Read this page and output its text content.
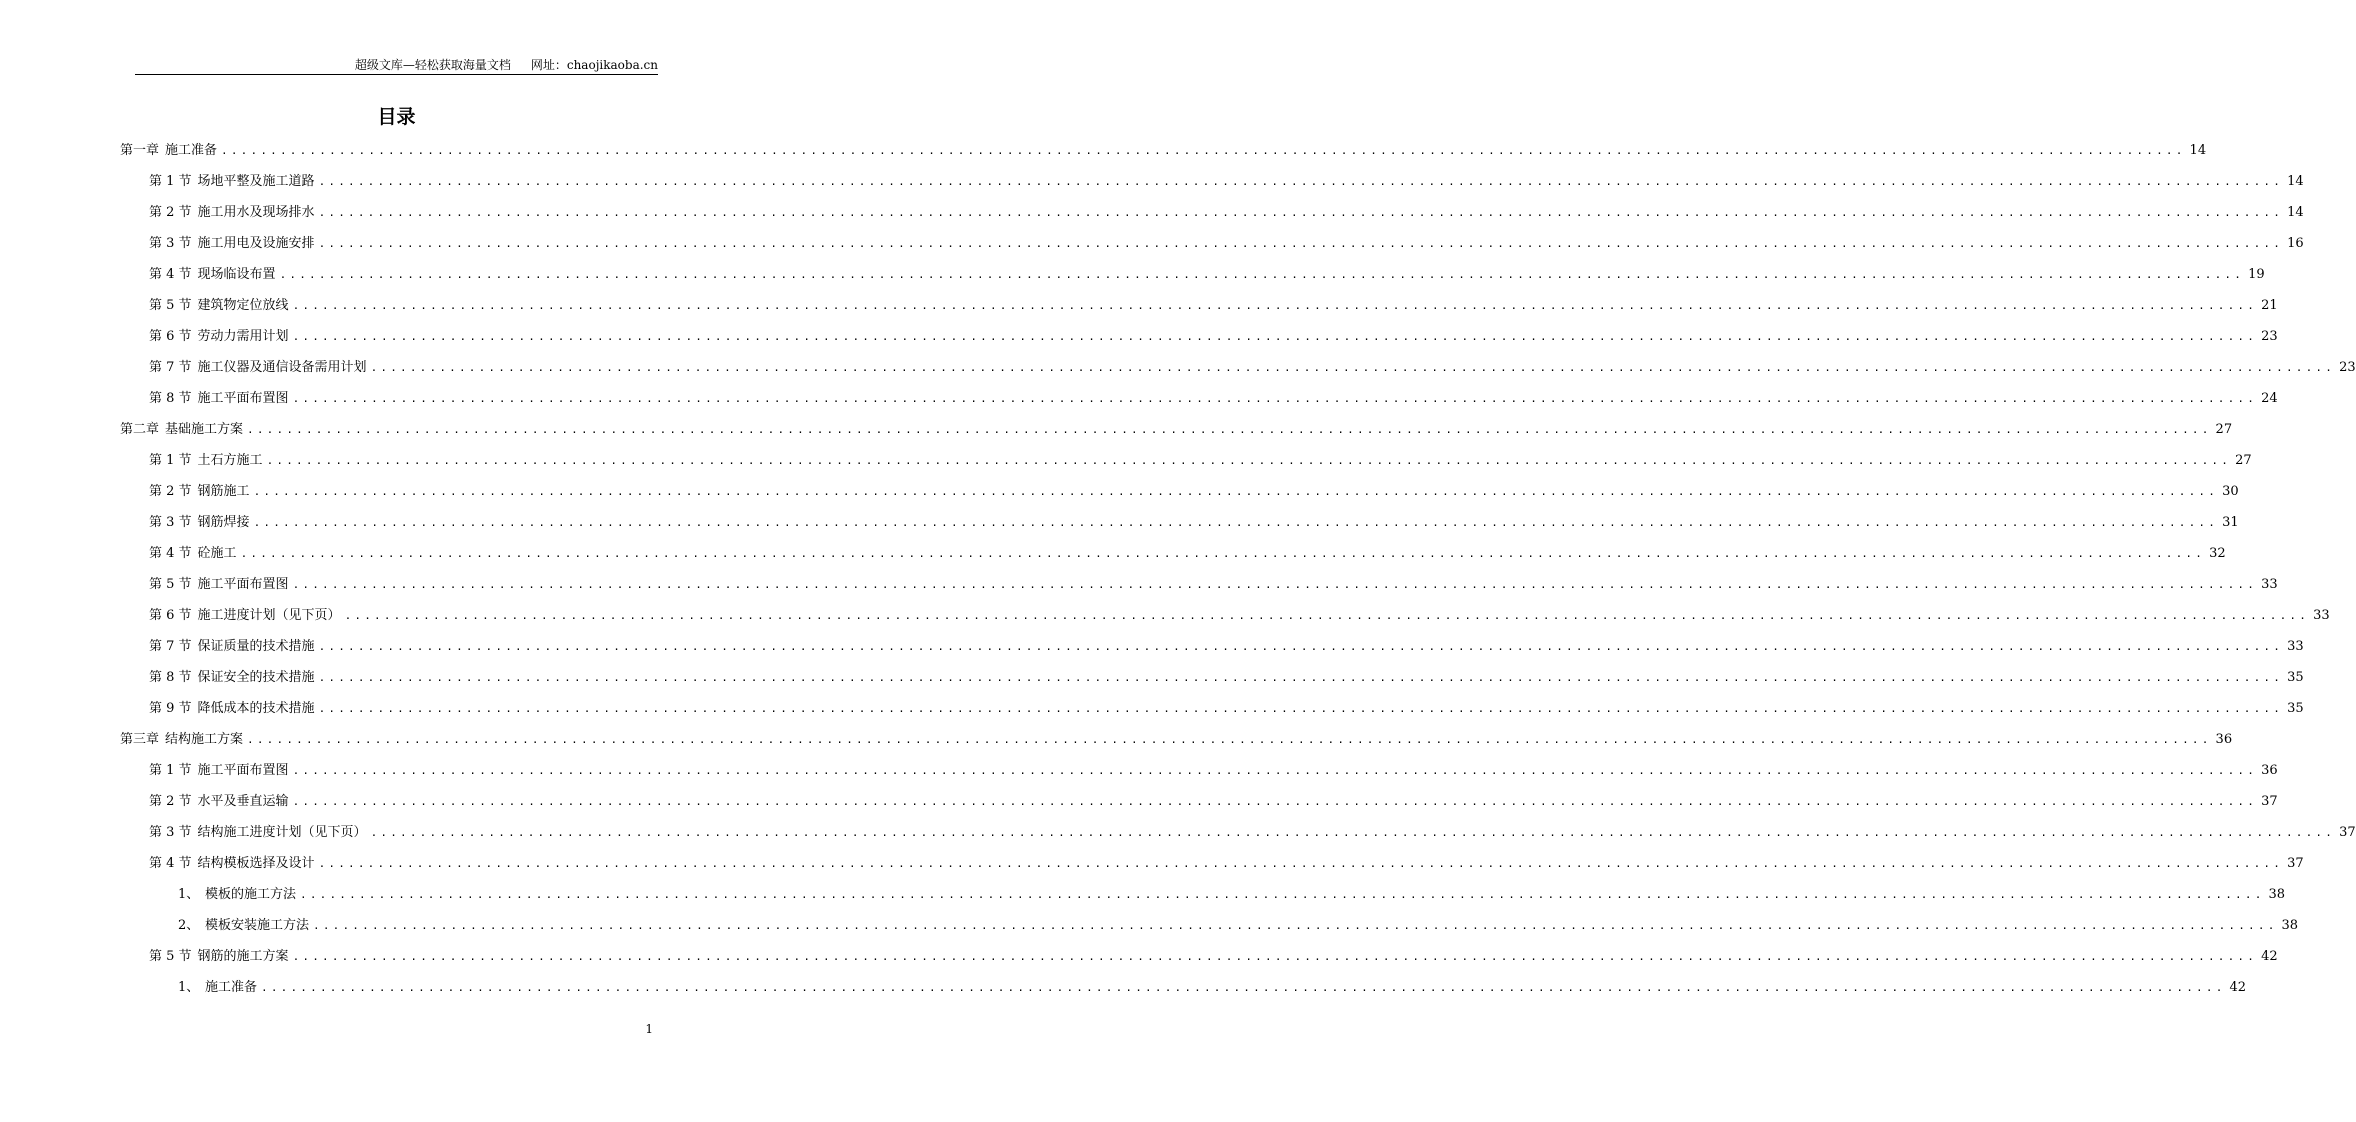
超级文库—轻松获取海量文档 网址：chaojikaoba.cn
目录
第一章 施工准备 ........................................................................................................................................................................................................ 14
第 1 节 场地平整及施工道路 ........................................................................................................................................................................................................ 14
第 2 节 施工用水及现场排水 ........................................................................................................................................................................................................ 14
第 3 节 施工用电及设施安排 ........................................................................................................................................................................................................ 16
第 4 节 现场临设布置 ........................................................................................................................................................................................................ 19
第 5 节 建筑物定位放线 ........................................................................................................................................................................................................ 21
第 6 节 劳动力需用计划 ........................................................................................................................................................................................................ 23
第 7 节 施工仪器及通信设备需用计划 ........................................................................................................................................................................................................ 23
第 8 节 施工平面布置图 ........................................................................................................................................................................................................ 24
第二章 基础施工方案 ........................................................................................................................................................................................................ 27
第 1 节 土石方施工 ........................................................................................................................................................................................................ 27
第 2 节 钢筋施工 ........................................................................................................................................................................................................ 30
第 3 节 钢筋焊接 ........................................................................................................................................................................................................ 31
第 4 节 砼施工 ........................................................................................................................................................................................................ 32
第 5 节 施工平面布置图 ........................................................................................................................................................................................................ 33
第 6 节 施工进度计划（见下页） ........................................................................................................................................................................................................ 33
第 7 节 保证质量的技术措施 ........................................................................................................................................................................................................ 33
第 8 节 保证安全的技术措施 ........................................................................................................................................................................................................ 35
第 9 节 降低成本的技术措施 ........................................................................................................................................................................................................ 35
第三章 结构施工方案 ........................................................................................................................................................................................................ 36
第 1 节 施工平面布置图 ........................................................................................................................................................................................................ 36
第 2 节 水平及垂直运输 ........................................................................................................................................................................................................ 37
第 3 节 结构施工进度计划（见下页） ........................................................................................................................................................................................................ 37
第 4 节 结构模板选择及设计 ........................................................................................................................................................................................................ 37
1、 模板的施工方法 ........................................................................................................................................................................................................ 38
2、 模板安装施工方法 ........................................................................................................................................................................................................ 38
第 5 节 钢筋的施工方案 ........................................................................................................................................................................................................ 42
1、 施工准备 ........................................................................................................................................................................................................ 42
1
